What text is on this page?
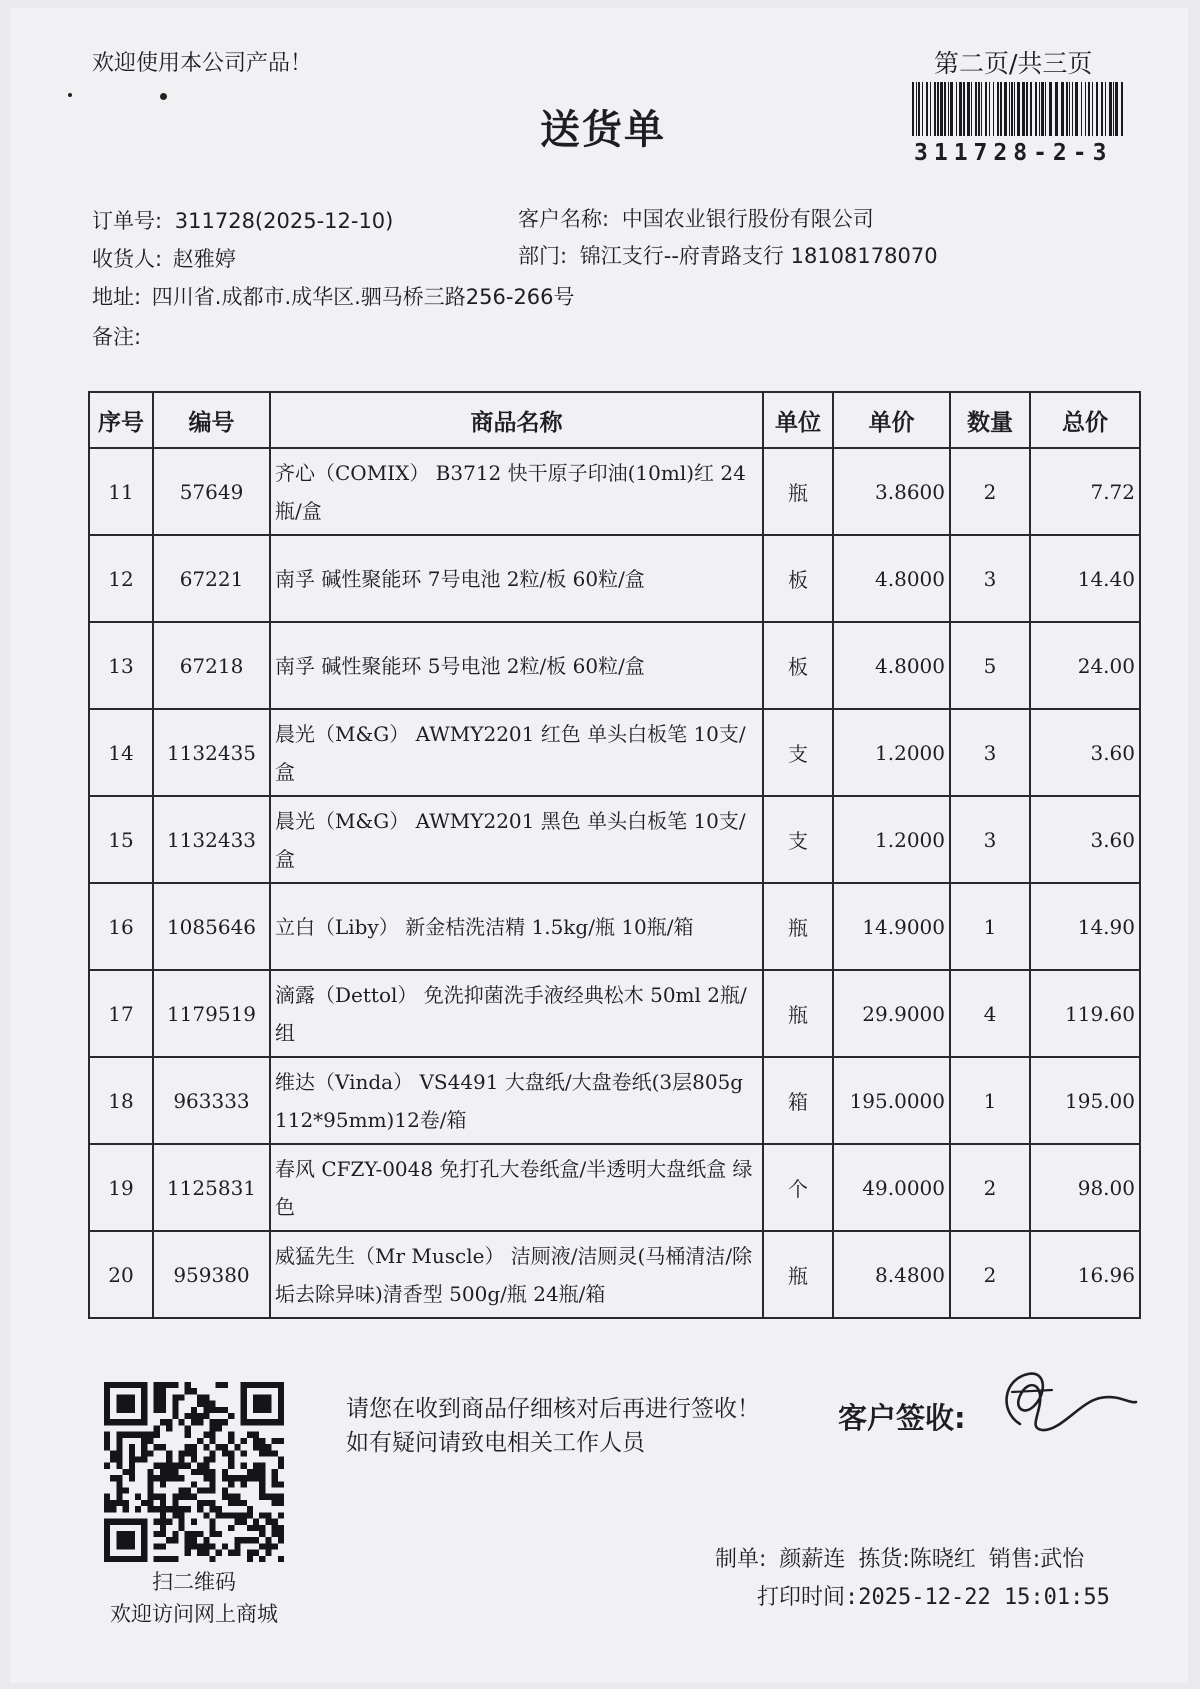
欢迎使用本公司产品！	第二页/共三页
送货单	311728-2-3
订单号: 311728(2025-12-10)	客户名称: 中国农业银行股份有限公司
收货人: 赵雅婷	部门: 锦江支行--府青路支行 18108178070
地址: 四川省.成都市.成华区.驷马桥三路256-266号
备注:
序号	编号	商品名称	单位	单价	数量	总价
11	57649	齐心（COMIX） B3712 快干原子印油(10ml)红 24瓶/盒	瓶	3.8600	2	7.72
12	67221	南孚 碱性聚能环 7号电池 2粒/板 60粒/盒	板	4.8000	3	14.40
13	67218	南孚 碱性聚能环 5号电池 2粒/板 60粒/盒	板	4.8000	5	24.00
14	1132435	晨光（M&G） AWMY2201 红色 单头白板笔 10支/盒	支	1.2000	3	3.60
15	1132433	晨光（M&G） AWMY2201 黑色 单头白板笔 10支/盒	支	1.2000	3	3.60
16	1085646	立白（Liby） 新金桔洗洁精 1.5kg/瓶 10瓶/箱	瓶	14.9000	1	14.90
17	1179519	滴露（Dettol） 免洗抑菌洗手液经典松木 50ml 2瓶/组	瓶	29.9000	4	119.60
18	963333	维达（Vinda） VS4491 大盘纸/大盘卷纸(3层805g 112*95mm)12卷/箱	箱	195.0000	1	195.00
19	1125831	春风 CFZY-0048 免打孔大卷纸盒/半透明大盘纸盒 绿色	个	49.0000	2	98.00
20	959380	威猛先生（Mr Muscle） 洁厕液/洁厕灵(马桶清洁/除垢去除异味)清香型 500g/瓶 24瓶/箱	瓶	8.4800	2	16.96
扫二维码
欢迎访问网上商城
请您在收到商品仔细核对后再进行签收！如有疑问请致电相关工作人员
客户签收:
制单: 颜薪连 拣货:陈晓红 销售:武怡
打印时间:2025-12-22 15:01:55
